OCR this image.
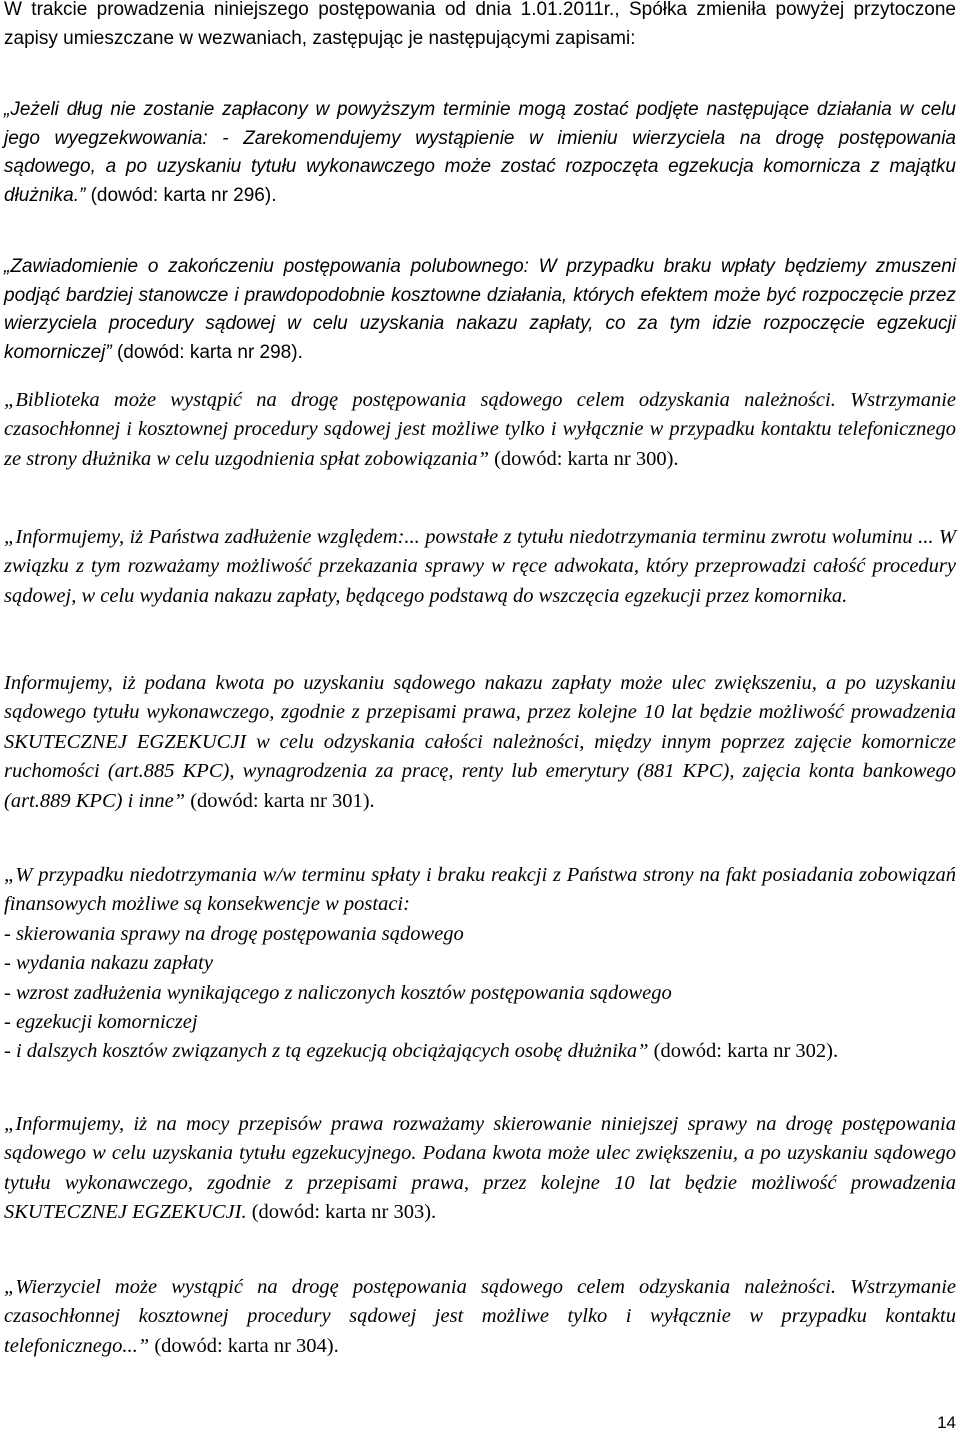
W trakcie prowadzenia niniejszego postępowania od dnia 1.01.2011r., Spółka zmieniła powyżej przytoczone zapisy umieszczane w wezwaniach, zastępując je następującymi zapisami:

„Jeżeli dług nie zostanie zapłacony w powyższym terminie mogą zostać podjęte następujące działania w celu jego wyegzekwowania: - Zarekomendujemy wystąpienie w imieniu wierzyciela na drogę postępowania sądowego, a po uzyskaniu tytułu wykonawczego może zostać rozpoczęta egzekucja komornicza z majątku dłużnika.” (dowód: karta nr 296).

„Zawiadomienie o zakończeniu postępowania polubownego: W przypadku braku wpłaty będziemy zmuszeni podjąć bardziej stanowcze i prawdopodobnie kosztowne działania, których efektem może być rozpoczęcie przez wierzyciela procedury sądowej w celu uzyskania nakazu zapłaty, co za tym idzie rozpoczęcie egzekucji komorniczej” (dowód: karta nr 298).

„Biblioteka może wystąpić na drogę postępowania sądowego celem odzyskania należności. Wstrzymanie czasochłonnej i kosztownej procedury sądowej jest możliwe tylko i wyłącznie w przypadku kontaktu telefonicznego ze strony dłużnika w celu uzgodnienia spłat zobowiązania” (dowód: karta nr 300).

„Informujemy, iż Państwa zadłużenie względem:... powstałe z tytułu niedotrzymania terminu zwrotu woluminu ... W związku z tym rozważamy możliwość przekazania sprawy w ręce adwokata, który przeprowadzi całość procedury sądowej, w celu wydania nakazu zapłaty, będącego podstawą do wszczęcia egzekucji przez komornika.

Informujemy, iż podana kwota po uzyskaniu sądowego nakazu zapłaty może ulec zwiększeniu, a po uzyskaniu sądowego tytułu wykonawczego, zgodnie z przepisami prawa, przez kolejne 10 lat będzie możliwość prowadzenia SKUTECZNEJ EGZEKUCJI w celu odzyskania całości należności, między innym poprzez zajęcie komornicze ruchomości (art.885 KPC), wynagrodzenia za pracę, renty lub emerytury (881 KPC), zajęcia konta bankowego (art.889 KPC) i inne” (dowód: karta nr 301).

„W przypadku niedotrzymania w/w terminu spłaty i braku reakcji z Państwa strony na fakt posiadania zobowiązań finansowych możliwe są konsekwencje w postaci:
- skierowania sprawy na drogę postępowania sądowego
- wydania nakazu zapłaty
- wzrost zadłużenia wynikającego z naliczonych kosztów postępowania sądowego
- egzekucji komorniczej
- i dalszych kosztów związanych z tą egzekucją obciążających osobę dłużnika” (dowód: karta nr 302).

„Informujemy, iż na mocy przepisów prawa rozważamy skierowanie niniejszej sprawy na drogę postępowania sądowego w celu uzyskania tytułu egzekucyjnego. Podana kwota może ulec zwiększeniu, a po uzyskaniu sądowego tytułu wykonawczego, zgodnie z przepisami prawa, przez kolejne 10 lat będzie możliwość prowadzenia SKUTECZNEJ EGZEKUCJI. (dowód: karta nr 303).

„Wierzyciel może wystąpić na drogę postępowania sądowego celem odzyskania należności. Wstrzymanie czasochłonnej kosztownej procedury sądowej jest możliwe tylko i wyłącznie w przypadku kontaktu telefonicznego...” (dowód: karta nr 304).

14
